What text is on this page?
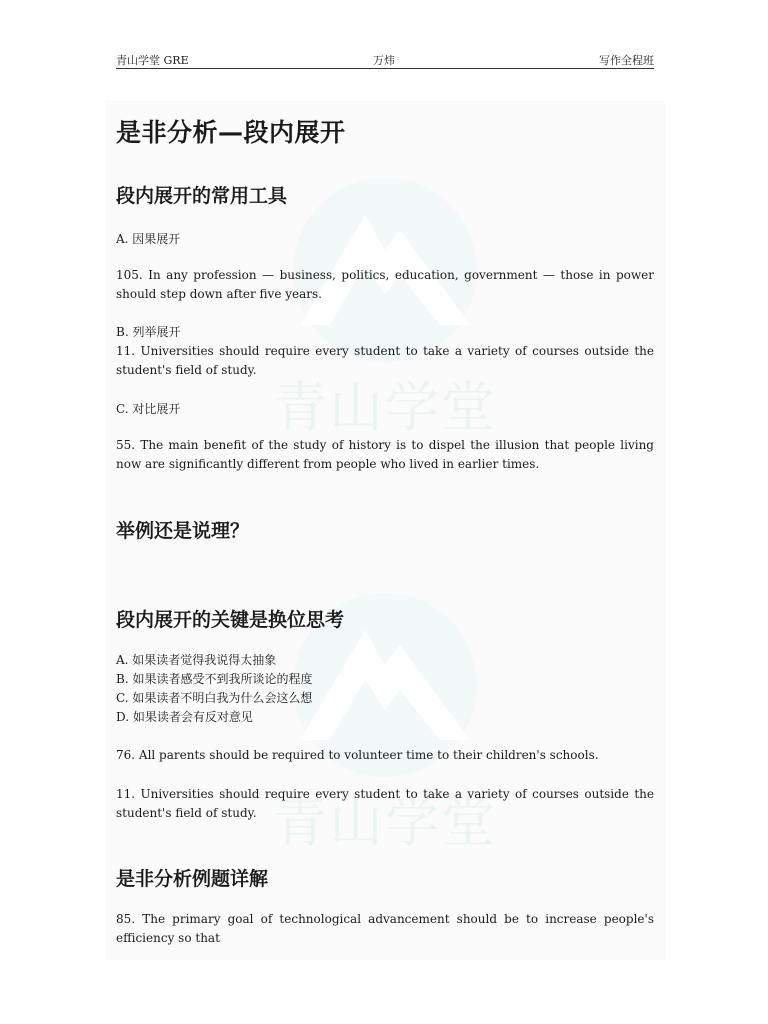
青山学堂
青山学堂
青山学堂 GRE	万炜	写作全程班
是非分析—段内展开
段内展开的常用工具
A. 因果展开
105. In any profession — business, politics, education, government — those in power should step down after five years.
B. 列举展开
11. Universities should require every student to take a variety of courses outside the student's field of study.
C. 对比展开
55. The main benefit of the study of history is to dispel the illusion that people living now are significantly different from people who lived in earlier times.
举例还是说理？
段内展开的关键是换位思考
A. 如果读者觉得我说得太抽象
B. 如果读者感受不到我所谈论的程度
C. 如果读者不明白我为什么会这么想
D. 如果读者会有反对意见
76. All parents should be required to volunteer time to their children's schools.
11. Universities should require every student to take a variety of courses outside the student's field of study.
是非分析例题详解
85. The primary goal of technological advancement should be to increase people's efficiency so that
